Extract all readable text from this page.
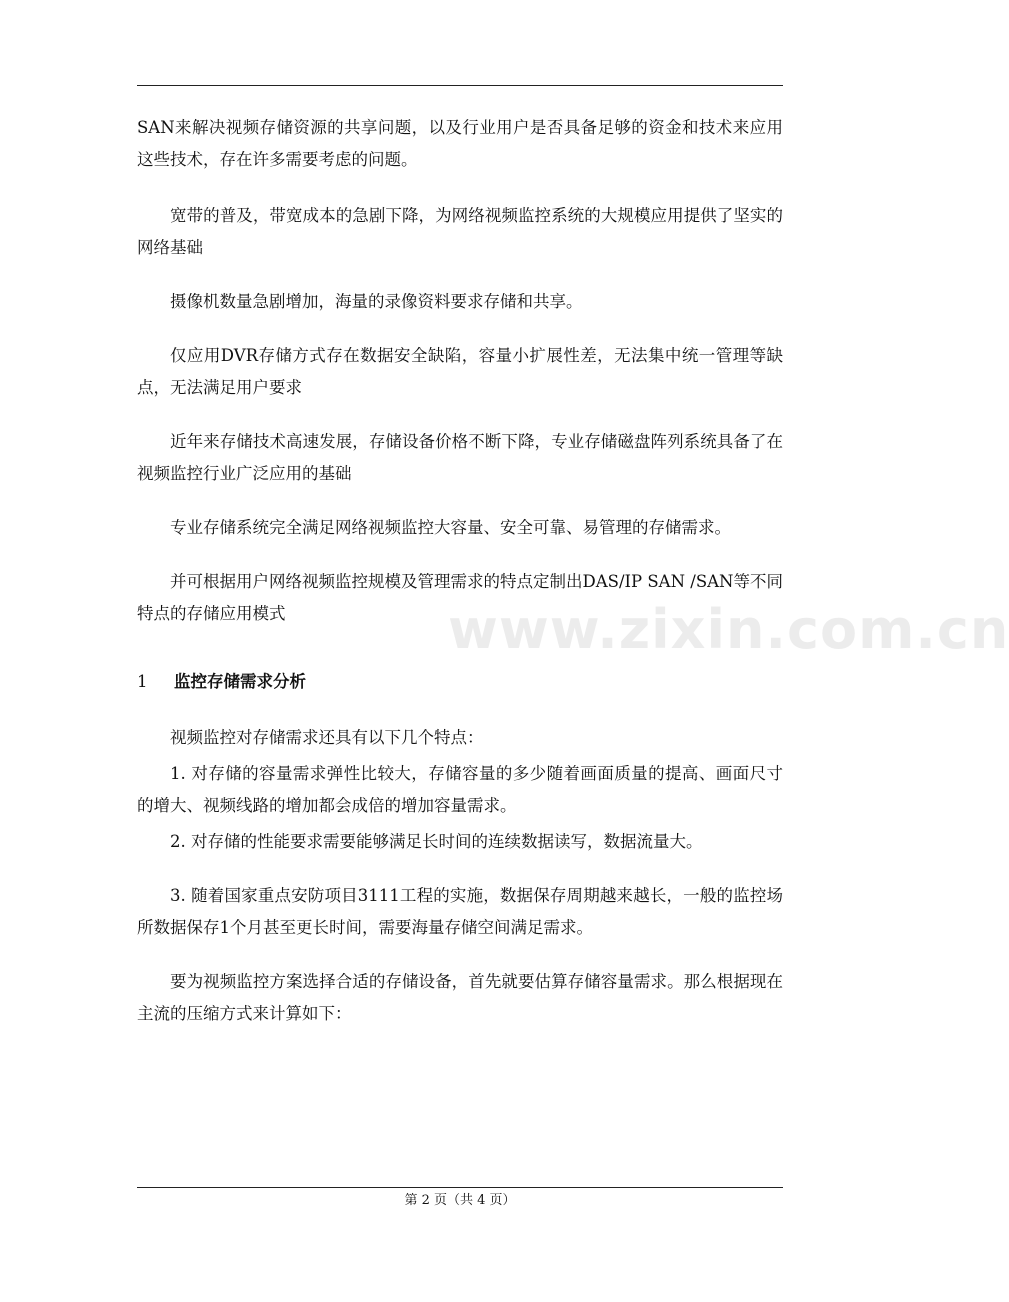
www.zixin.com.cn

SAN来解决视频存储资源的共享问题，以及行业用户是否具备足够的资金和技术来应用这些技术，存在许多需要考虑的问题。

宽带的普及，带宽成本的急剧下降，为网络视频监控系统的大规模应用提供了坚实的网络基础

摄像机数量急剧增加，海量的录像资料要求存储和共享。

仅应用DVR存储方式存在数据安全缺陷，容量小扩展性差，无法集中统一管理等缺点，无法满足用户要求

近年来存储技术高速发展，存储设备价格不断下降，专业存储磁盘阵列系统具备了在视频监控行业广泛应用的基础

专业存储系统完全满足网络视频监控大容量、安全可靠、易管理的存储需求。

并可根据用户网络视频监控规模及管理需求的特点定制出DAS/IP SAN /SAN等不同特点的存储应用模式

1	监控存储需求分析

视频监控对存储需求还具有以下几个特点：

1. 对存储的容量需求弹性比较大，存储容量的多少随着画面质量的提高、画面尺寸的增大、视频线路的增加都会成倍的增加容量需求。

2. 对存储的性能要求需要能够满足长时间的连续数据读写，数据流量大。

3. 随着国家重点安防项目3111工程的实施，数据保存周期越来越长，一般的监控场所数据保存1个月甚至更长时间，需要海量存储空间满足需求。

要为视频监控方案选择合适的存储设备，首先就要估算存储容量需求。那么根据现在主流的压缩方式来计算如下：

第 2 页（共 4 页）
